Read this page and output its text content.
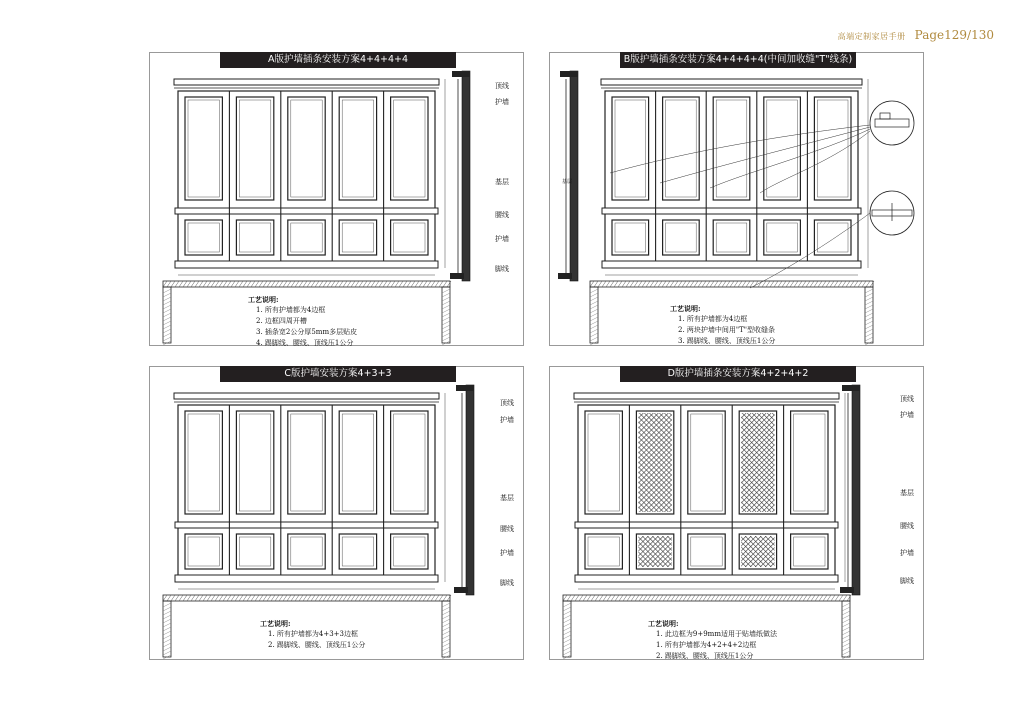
高端定制家居手册 Page129/130
A版护墙插条安装方案4+4+4+4
顶线
护墙
基层
腰线
护墙
脚线
工艺说明:
1. 所有护墙都为4边框
2. 边框四周开槽
3. 插条宽2公分厚5mm多层贴皮
4. 踢脚线、腰线、顶线压1公分
B版护墙插条安装方案4+4+4+4(中间加收缝"T"线条)
基层
工艺说明:
1. 所有护墙都为4边框
2. 两块护墙中间用"T"型收缝条
3. 踢脚线、腰线、顶线压1公分
C版护墙安装方案4+3+3
顶线
护墙
基层
腰线
护墙
脚线
工艺说明:
1. 所有护墙都为4+3+3边框
2. 踢脚线、腰线、顶线压1公分
D版护墙插条安装方案4+2+4+2
顶线
护墙
基层
腰线
护墙
脚线
工艺说明:
1. 此边框为9+9mm适用于贴墙纸做法
1. 所有护墙都为4+2+4+2边框
2. 踢脚线、腰线、顶线压1公分
